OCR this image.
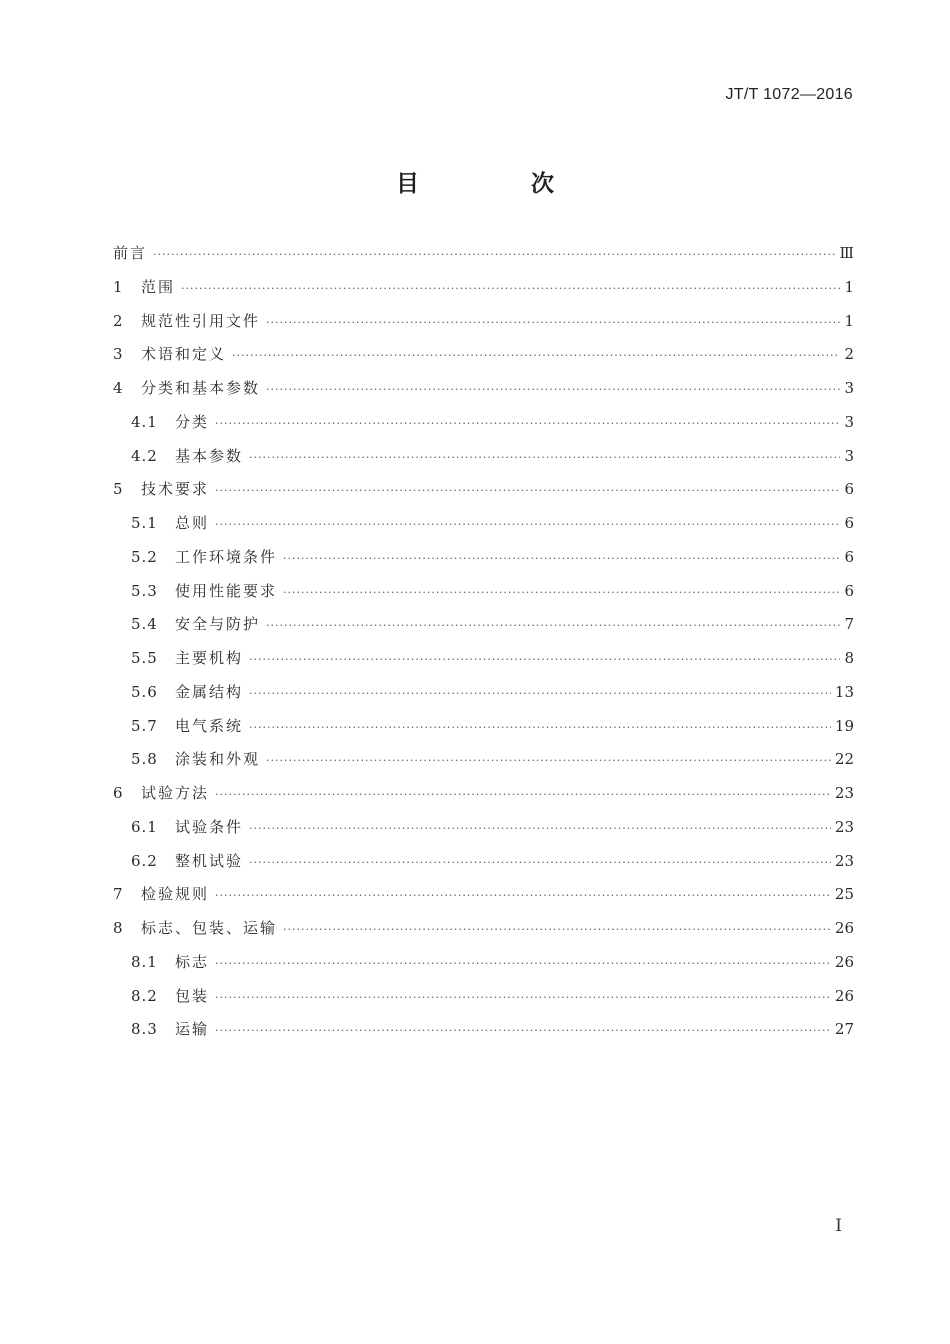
JT/T 1072—2016
目 次
前言 ·····	Ⅲ
1	范围 ·····	1
2	规范性引用文件 ·····	1
3	术语和定义 ·····	2
4	分类和基本参数 ·····	3
4.1	分类 ·····	3
4.2	基本参数 ·····	3
5	技术要求 ·····	6
5.1	总则 ·····	6
5.2	工作环境条件 ·····	6
5.3	使用性能要求 ·····	6
5.4	安全与防护 ·····	7
5.5	主要机构 ·····	8
5.6	金属结构 ·····	13
5.7	电气系统 ·····	19
5.8	涂装和外观 ·····	22
6	试验方法 ·····	23
6.1	试验条件 ·····	23
6.2	整机试验 ·····	23
7	检验规则 ·····	25
8	标志、包装、运输 ·····	26
8.1	标志 ·····	26
8.2	包装 ·····	26
8.3	运输 ·····	27
I
